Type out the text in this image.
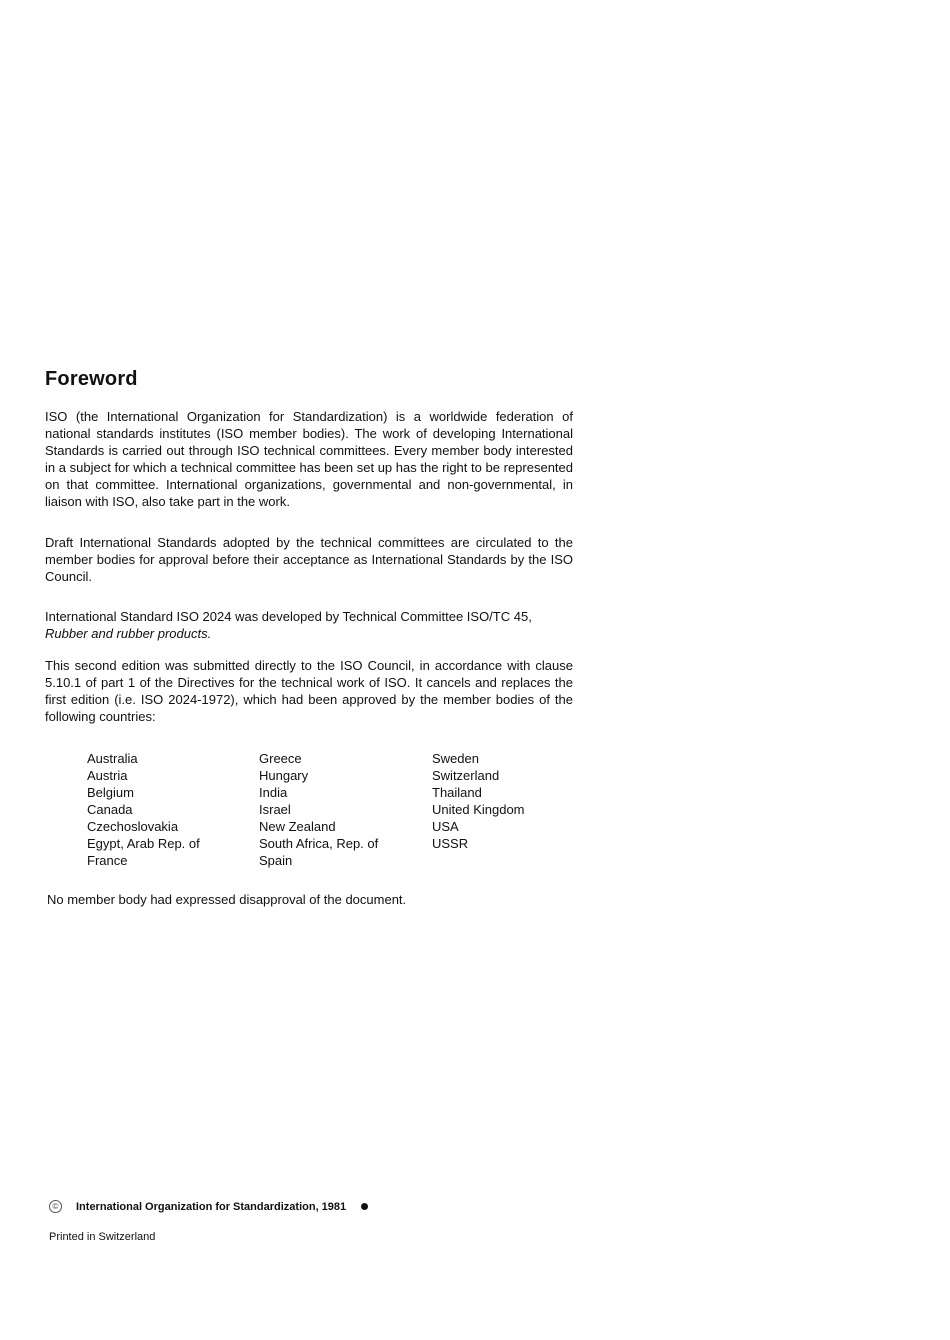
Foreword

ISO (the International Organization for Standardization) is a worldwide federation of national standards institutes (ISO member bodies). The work of developing International Standards is carried out through ISO technical committees. Every member body interested in a subject for which a technical committee has been set up has the right to be represented on that committee. International organizations, governmental and non-governmental, in liaison with ISO, also take part in the work.

Draft International Standards adopted by the technical committees are circulated to the member bodies for approval before their acceptance as International Standards by the ISO Council.

International Standard ISO 2024 was developed by Technical Committee ISO/TC 45,
Rubber and rubber products.

This second edition was submitted directly to the ISO Council, in accordance with clause 5.10.1 of part 1 of the Directives for the technical work of ISO. It cancels and replaces the first edition (i.e. ISO 2024-1972), which had been approved by the member bodies of the following countries:

Australia
Austria
Belgium
Canada
Czechoslovakia
Egypt, Arab Rep. of
France
Greece
Hungary
India
Israel
New Zealand
South Africa, Rep. of
Spain
Sweden
Switzerland
Thailand
United Kingdom
USA
USSR

No member body had expressed disapproval of the document.

©	International Organization for Standardization, 1981

Printed in Switzerland
